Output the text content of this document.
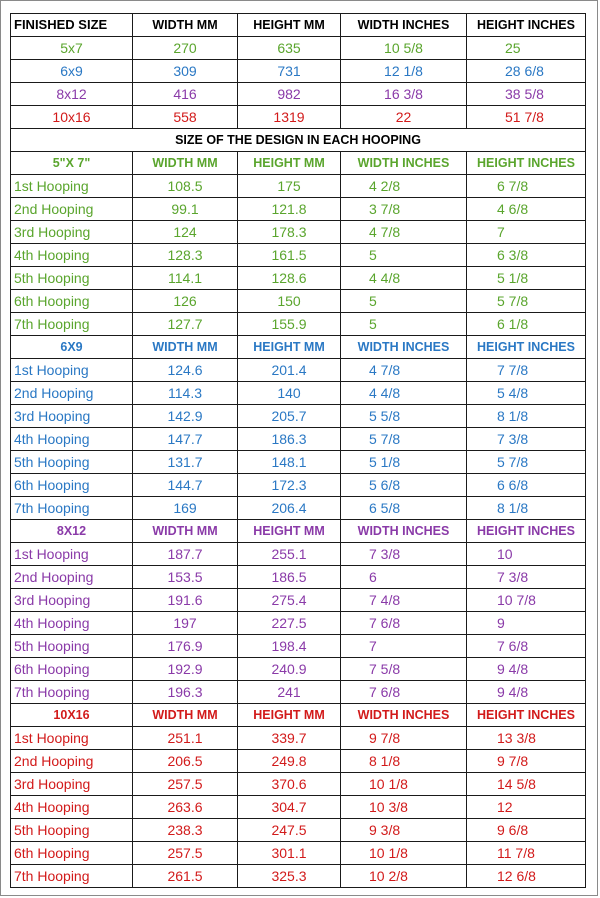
FINISHED SIZE	WIDTH MM	HEIGHT MM	WIDTH INCHES	HEIGHT INCHES
5x7	270	635	10 5/8	25
6x9	309	731	12 1/8	28 6/8
8x12	416	982	16 3/8	38 5/8
10x16	558	1319	22	51 7/8
SIZE OF THE DESIGN IN EACH HOOPING				
5"X 7"	WIDTH MM	HEIGHT MM	WIDTH INCHES	HEIGHT INCHES
1st Hooping	108.5	175	4 2/8	6 7/8
2nd Hooping	99.1	121.8	3 7/8	4 6/8
3rd Hooping	124	178.3	4 7/8	7
4th Hooping	128.3	161.5	5	6 3/8
5th Hooping	114.1	128.6	4 4/8	5 1/8
6th Hooping	126	150	5	5 7/8
7th Hooping	127.7	155.9	5	6 1/8
6X9	WIDTH MM	HEIGHT MM	WIDTH INCHES	HEIGHT INCHES
1st Hooping	124.6	201.4	4 7/8	7 7/8
2nd Hooping	114.3	140	4 4/8	5 4/8
3rd Hooping	142.9	205.7	5 5/8	8 1/8
4th Hooping	147.7	186.3	5 7/8	7 3/8
5th Hooping	131.7	148.1	5 1/8	5 7/8
6th Hooping	144.7	172.3	5 6/8	6 6/8
7th Hooping	169	206.4	6 5/8	8 1/8
8X12	WIDTH MM	HEIGHT MM	WIDTH INCHES	HEIGHT INCHES
1st Hooping	187.7	255.1	7 3/8	10
2nd Hooping	153.5	186.5	6	7 3/8
3rd Hooping	191.6	275.4	7 4/8	10 7/8
4th Hooping	197	227.5	7 6/8	9
5th Hooping	176.9	198.4	7	7 6/8
6th Hooping	192.9	240.9	7 5/8	9 4/8
7th Hooping	196.3	241	7 6/8	9 4/8
10X16	WIDTH MM	HEIGHT MM	WIDTH INCHES	HEIGHT INCHES
1st Hooping	251.1	339.7	9 7/8	13 3/8
2nd Hooping	206.5	249.8	8 1/8	9 7/8
3rd Hooping	257.5	370.6	10 1/8	14 5/8
4th Hooping	263.6	304.7	10 3/8	12
5th Hooping	238.3	247.5	9 3/8	9 6/8
6th Hooping	257.5	301.1	10 1/8	11 7/8
7th Hooping	261.5	325.3	10 2/8	12 6/8
